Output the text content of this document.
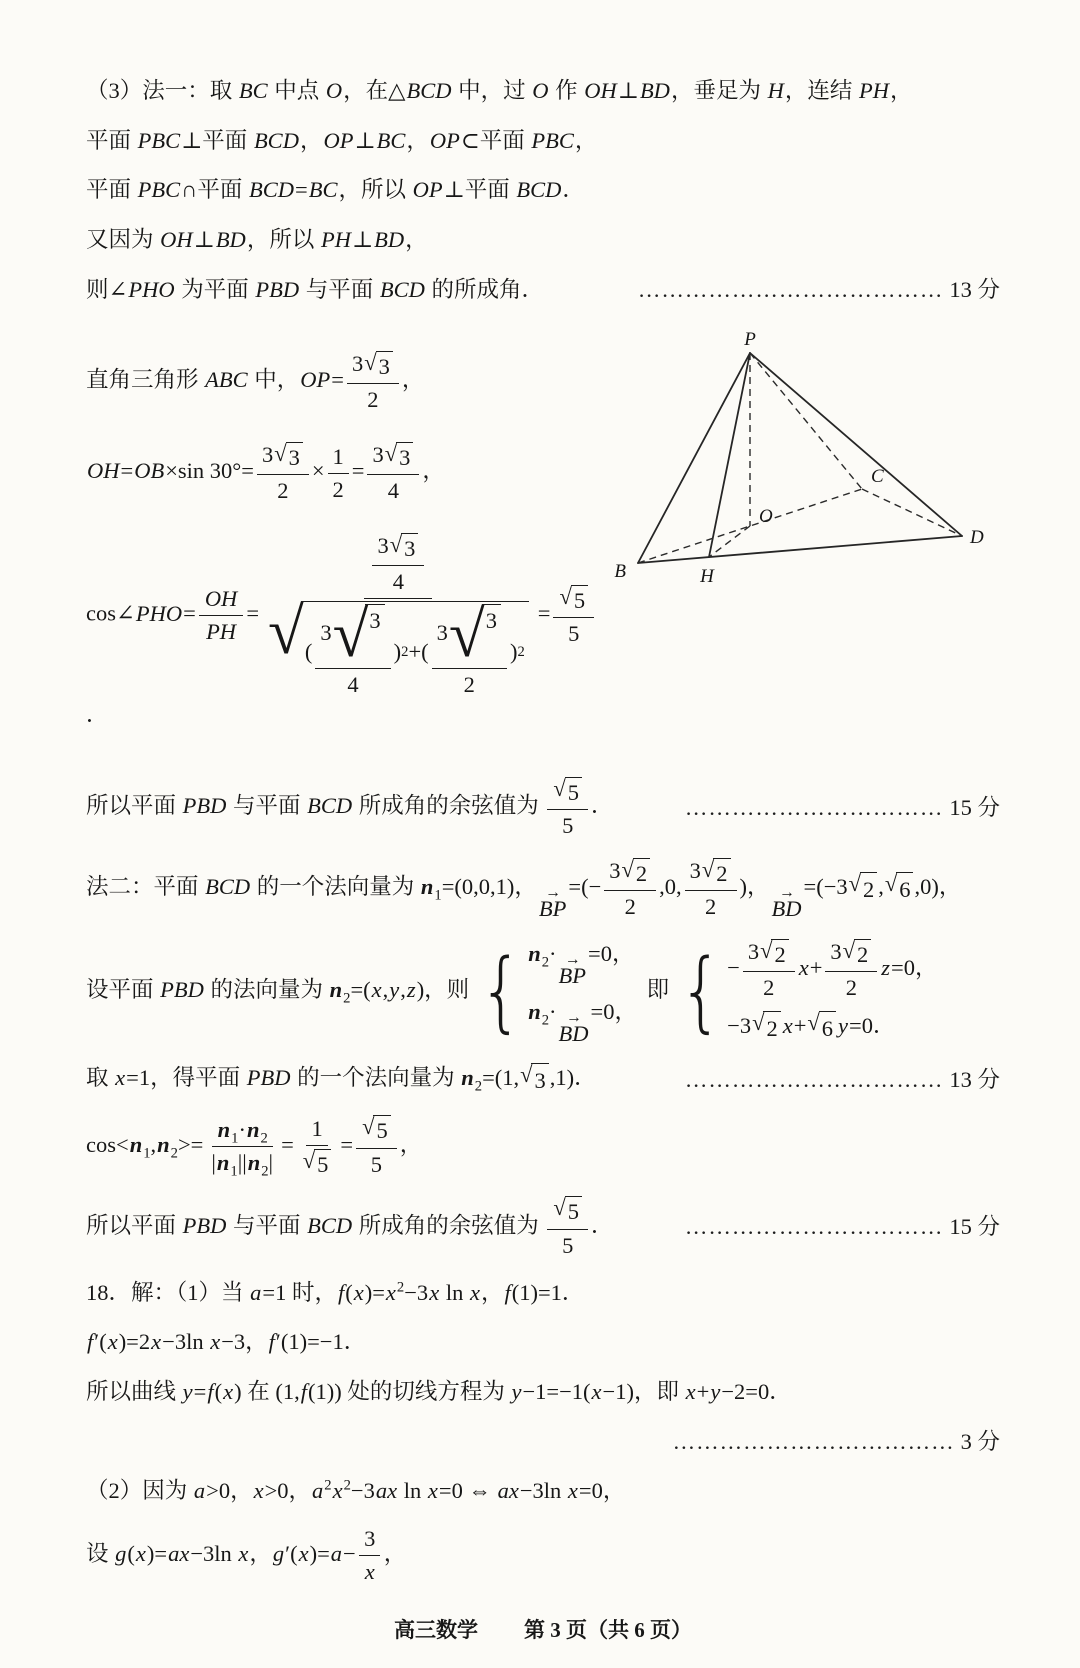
（3）法一：取 BC 中点 O，在△BCD 中，过 O 作 OH⊥BD，垂足为 H，连结 PH，
平面 PBC⊥平面 BCD，OP⊥BC，OP⊂平面 PBC，
平面 PBC∩平面 BCD=BC，所以 OP⊥平面 BCD．
又因为 OH⊥BD，所以 PH⊥BD，
则∠PHO 为平面 PBD 与平面 BCD 的所成角．	………………………………… 13 分
直角三角形 ABC 中，$OP= \frac{3 √ 3}{2}$ ，
OH=OB×sin $30^\circ= \frac{3 √ 3}{2} \times \frac{1}{2} = \frac{3 √ 3}{4}$ ，
cos∠PHO= $\frac{OH}{PH} = \frac{\frac{3 √ 3}{4}}{√ ( \frac{3 √ 3}{4} ) 2 +( \frac{3 √ 3}{2} ) 2} = \frac{√ 5}{5}$
．
P
B
C
D
O
H
所以平面 PBD 与平面 BCD 所成角的余弦值为 $\frac{√ 5}{5}$ ．	…………………………… 15 分
法二：平面 BCD 的一个法向量为 $n_1=(0,0,1)$， →
BP
=(− $\frac{3 √ 2}{2} ,0$, $\frac{3 √ 2}{2}$ )， →
BD
=(−3 √ 2 , √ 6 ,0)，
设平面 PBD 的法向量为 $n_2=(x,y,z)$，则 { $n_2\cdot$ →
BP
=0，
$n_2\cdot$ →
BD
=0，
即 { − $\frac{3 √ 2}{2} x+ \frac{3 √ 2}{2} z=0$，
−3 √ 2 x+ √ 6 y=0．
取 x=1，得平面 PBD 的一个法向量为 $n_2=(1$, √ 3 ,1)．	…………………………… 13 分
$\cos<n_1,n_2>= \frac{n_1\cdot n_2}{|n_1||n_2|} = \frac{1}{√ 5} = \frac{√ 5}{5}$ ，
所以平面 PBD 与平面 BCD 所成角的余弦值为 $\frac{√ 5}{5}$ ．	…………………………… 15 分
18．解：（1）当 a=1 时，$f(x)=x^2-3x$ ln x，f(1)=1．
f′(x)=2x−3ln x−3，f′(1)=−1．
所以曲线 y=f(x) 在 (1,f(1)) 处的切线方程为 y−1=−1(x−1)，即 x+y−2=0．
……………………………… 3 分
（2）因为 a>0，x>0，$a^2x^2-3ax$ ln x=0 ⇔ ax−3ln x=0，
设 g(x)=ax−3ln x，$g'(x)=a- \frac{3}{x}$ ，
高三数学 第 3 页（共 6 页）
